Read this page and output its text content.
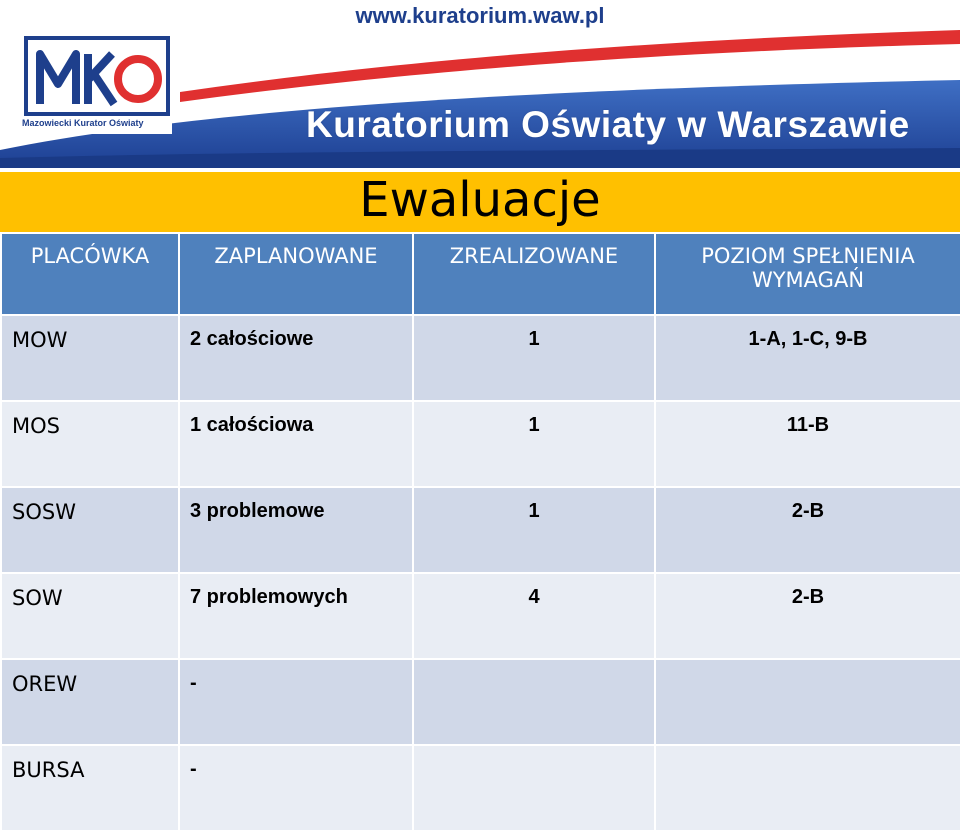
www.kuratorium.waw.pl
Mazowiecki Kurator Oświaty	Kuratorium Oświaty w Warszawie
Ewaluacje
PLACÓWKA	ZAPLANOWANE	ZREALIZOWANE	POZIOM SPEŁNIENIA WYMAGAŃ
MOW	2 całościowe	1	1-A, 1-C, 9-B
MOS	1 całościowa	1	11-B
SOSW	3 problemowe	1	2-B
SOW	7 problemowych	4	2-B
OREW	-		
BURSA	-		
